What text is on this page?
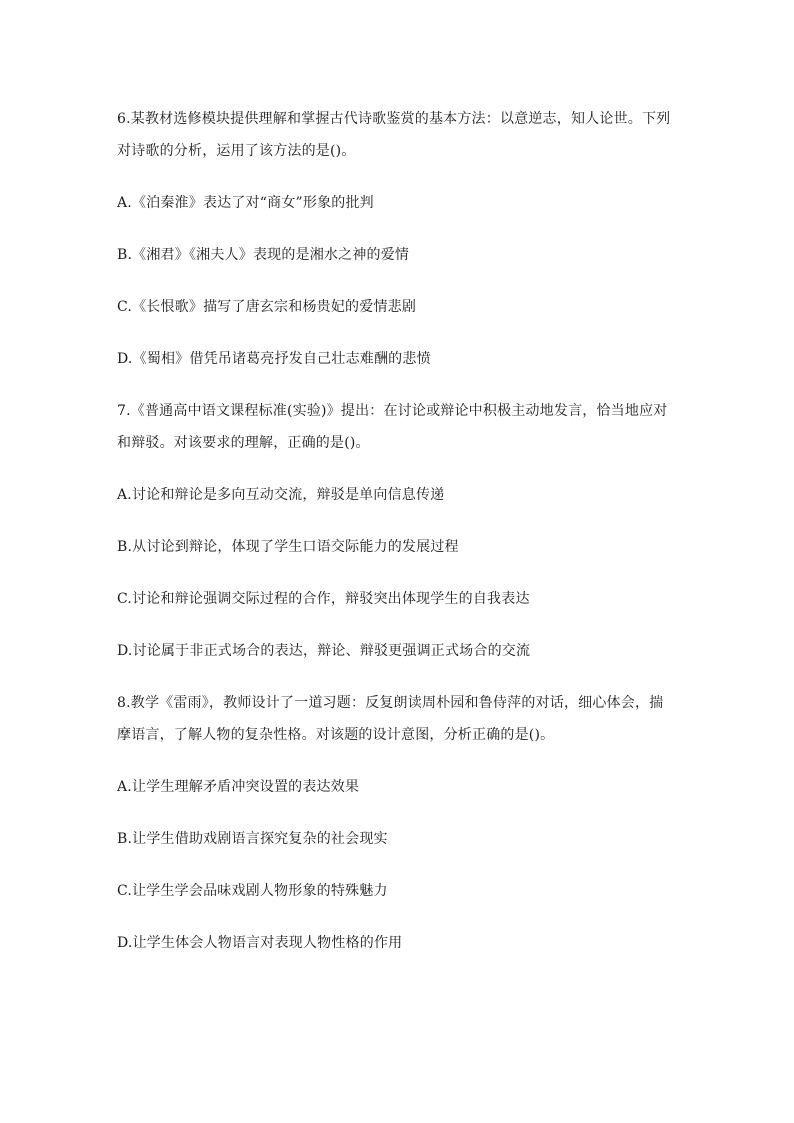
6.某教材选修模块提供理解和掌握古代诗歌鉴赏的基本方法：以意逆志，知人论世。下列
对诗歌的分析，运用了该方法的是()。
A.《泊秦淮》表达了对“商女”形象的批判
B.《湘君》《湘夫人》表现的是湘水之神的爱情
C.《长恨歌》描写了唐玄宗和杨贵妃的爱情悲剧
D.《蜀相》借凭吊诸葛亮抒发自己壮志难酬的悲愤
7.《普通高中语文课程标准(实验)》提出：在讨论或辩论中积极主动地发言，恰当地应对
和辩驳。对该要求的理解，正确的是()。
A.讨论和辩论是多向互动交流，辩驳是单向信息传递
B.从讨论到辩论，体现了学生口语交际能力的发展过程
C.讨论和辩论强调交际过程的合作，辩驳突出体现学生的自我表达
D.讨论属于非正式场合的表达，辩论、辩驳更强调正式场合的交流
8.教学《雷雨》，教师设计了一道习题：反复朗读周朴园和鲁侍萍的对话，细心体会，揣
摩语言，了解人物的复杂性格。对该题的设计意图，分析正确的是()。
A.让学生理解矛盾冲突设置的表达效果
B.让学生借助戏剧语言探究复杂的社会现实
C.让学生学会品味戏剧人物形象的特殊魅力
D.让学生体会人物语言对表现人物性格的作用
